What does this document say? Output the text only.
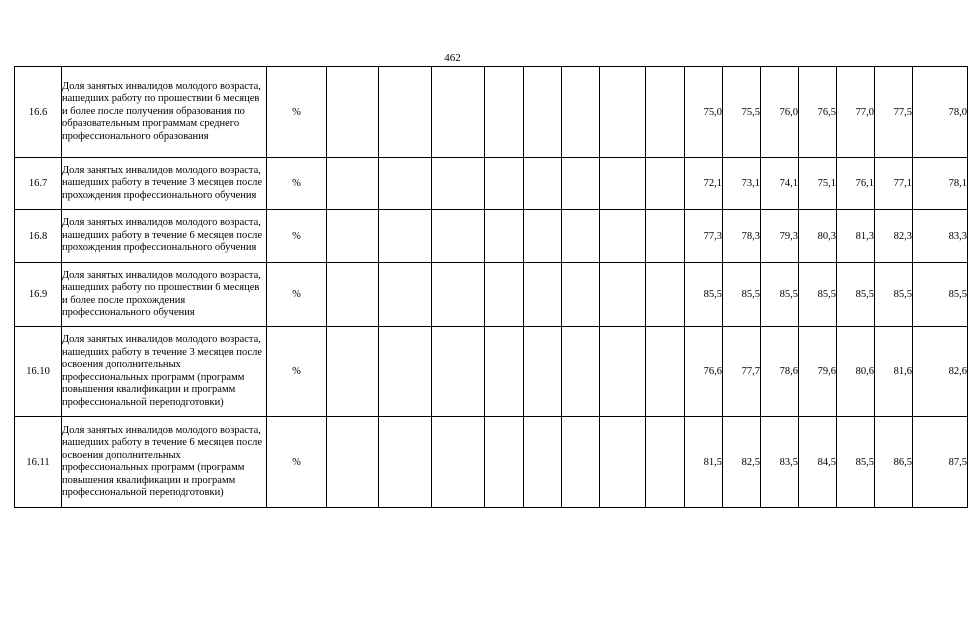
462
16.6	Доля занятых инвалидов молодого возраста, нашедших работу по прошествии 6 месяцев и более после получения образования по образовательным программам среднего профессионального образования	%									75,0	75,5	76,0	76,5	77,0	77,5	78,0
16.7	Доля занятых инвалидов молодого возраста, нашедших работу в течение 3 месяцев после прохождения профессионального обучения	%									72,1	73,1	74,1	75,1	76,1	77,1	78,1
16.8	Доля занятых инвалидов молодого возраста, нашедших работу в течение 6 месяцев после прохождения профессионального обучения	%									77,3	78,3	79,3	80,3	81,3	82,3	83,3
16.9	Доля занятых инвалидов молодого возраста, нашедших работу по прошествии 6 месяцев и более после прохождения профессионального обучения	%									85,5	85,5	85,5	85,5	85,5	85,5	85,5
16.10	Доля занятых инвалидов молодого возраста, нашедших работу в течение 3 месяцев после освоения дополнительных профессиональных программ (программ повышения квалификации и программ профессиональной переподготовки)	%									76,6	77,7	78,6	79,6	80,6	81,6	82,6
16.11	Доля занятых инвалидов молодого возраста, нашедших работу в течение 6 месяцев после освоения дополнительных профессиональных программ (программ повышения квалификации и программ профессиональной переподготовки)	%									81,5	82,5	83,5	84,5	85,5	86,5	87,5
